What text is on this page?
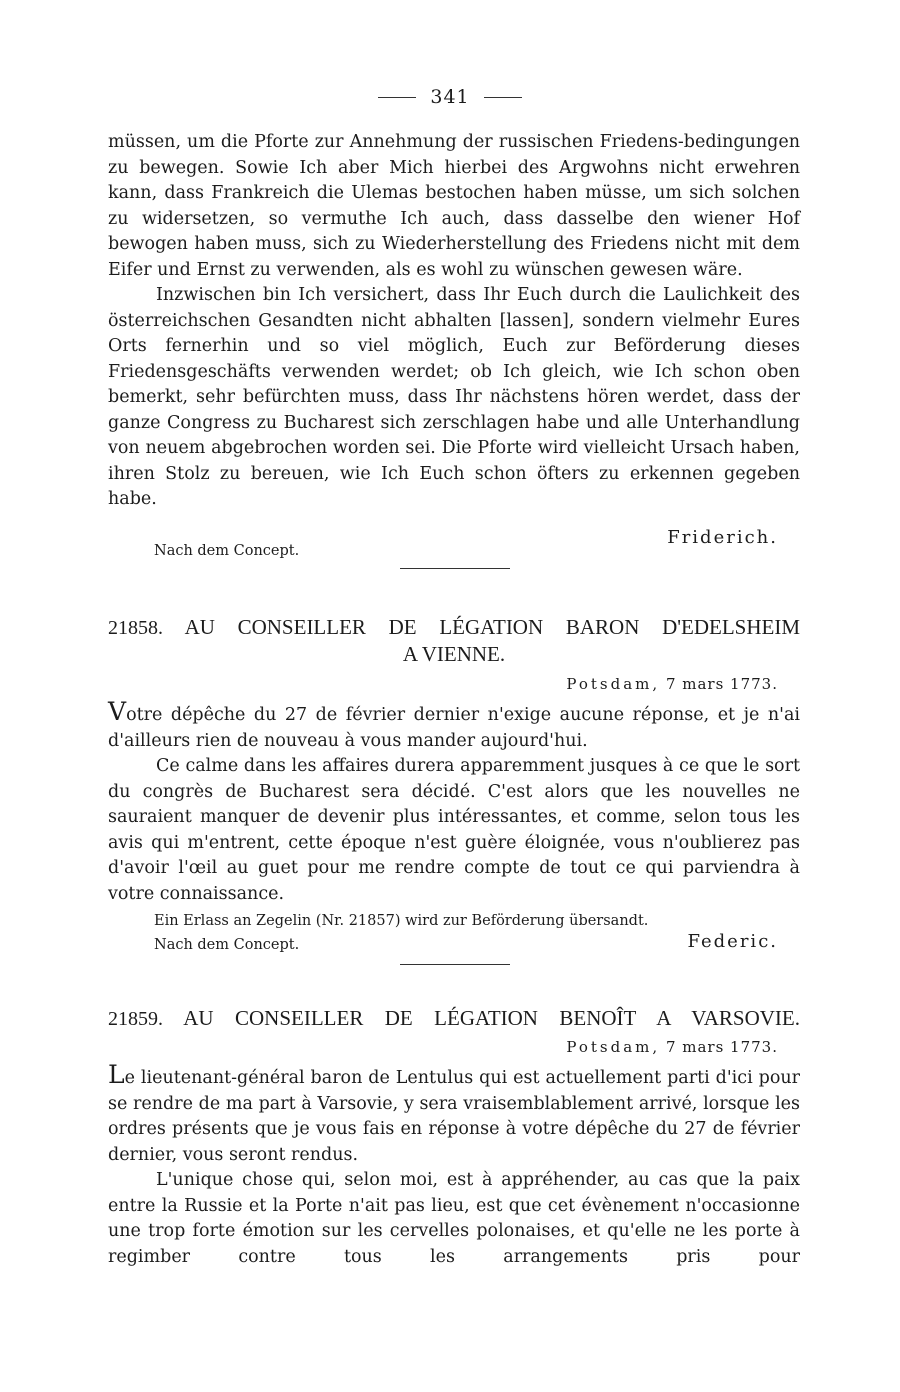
341

müssen, um die Pforte zur Annehmung der russischen Friedens-bedingungen zu bewegen. Sowie Ich aber Mich hierbei des Argwohns nicht erwehren kann, dass Frankreich die Ulemas bestochen haben müsse, um sich solchen zu widersetzen, so vermuthe Ich auch, dass dasselbe den wiener Hof bewogen haben muss, sich zu Wiederherstellung des Friedens nicht mit dem Eifer und Ernst zu verwenden, als es wohl zu wünschen gewesen wäre.

Inzwischen bin Ich versichert, dass Ihr Euch durch die Laulichkeit des österreichschen Gesandten nicht abhalten [lassen], sondern vielmehr Eures Orts fernerhin und so viel möglich, Euch zur Beförderung dieses Friedensgeschäfts verwenden werdet; ob Ich gleich, wie Ich schon oben bemerkt, sehr befürchten muss, dass Ihr nächstens hören werdet, dass der ganze Congress zu Bucharest sich zerschlagen habe und alle Unterhandlung von neuem abgebrochen worden sei. Die Pforte wird vielleicht Ursach haben, ihren Stolz zu bereuen, wie Ich Euch schon öfters zu erkennen gegeben habe.

Friderich.

Nach dem Concept.

21858. AU CONSEILLER DE LÉGATION BARON D'EDELSHEIM

A VIENNE.

Potsdam, 7 mars 1773.

Votre dépêche du 27 de février dernier n'exige aucune réponse, et je n'ai d'ailleurs rien de nouveau à vous mander aujourd'hui.

Ce calme dans les affaires durera apparemment jusques à ce que le sort du congrès de Bucharest sera décidé. C'est alors que les nouvelles ne sauraient manquer de devenir plus intéressantes, et comme, selon tous les avis qui m'entrent, cette époque n'est guère éloignée, vous n'oublierez pas d'avoir l'œil au guet pour me rendre compte de tout ce qui parviendra à votre connaissance.

Ein Erlass an Zegelin (Nr. 21857) wird zur Beförderung übersandt.

Nach dem Concept.	Federic.

21859. AU CONSEILLER DE LÉGATION BENOÎT A VARSOVIE.

Potsdam, 7 mars 1773.

Le lieutenant-général baron de Lentulus qui est actuellement parti d'ici pour se rendre de ma part à Varsovie, y sera vraisemblablement arrivé, lorsque les ordres présents que je vous fais en réponse à votre dépêche du 27 de février dernier, vous seront rendus.

L'unique chose qui, selon moi, est à appréhender, au cas que la paix entre la Russie et la Porte n'ait pas lieu, est que cet évènement n'occasionne une trop forte émotion sur les cervelles polonaises, et qu'elle ne les porte à regimber contre tous les arrangements pris pour
